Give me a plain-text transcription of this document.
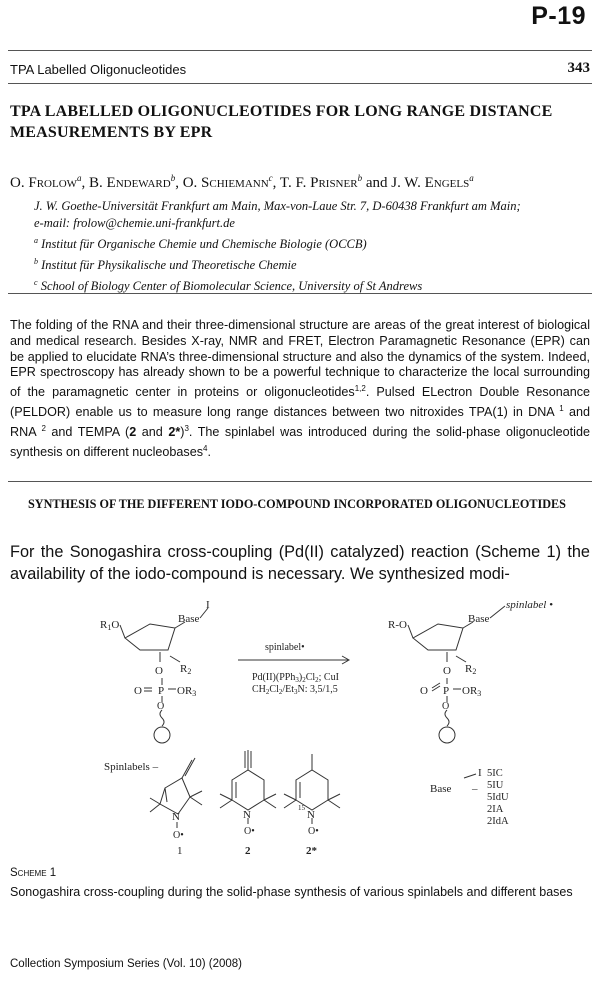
P-19
TPA Labelled Oligonucleotides	343
TPA LABELLED OLIGONUCLEOTIDES FOR LONG RANGE DISTANCE MEASUREMENTS BY EPR
O. Frolow$^a$, B. Endeward$^b$, O. Schiemann$^c$, T. F. Prisner$^b$ and J. W. Engels$^a$
J. W. Goethe-Universität Frankfurt am Main, Max-von-Laue Str. 7, D-60438 Frankfurt am Main;
e-mail: frolow@chemie.uni-frankfurt.de
$^a$ Institut für Organische Chemie und Chemische Biologie (OCCB)
$^b$ Institut für Physikalische und Theoretische Chemie
$^c$ School of Biology Center of Biomolecular Science, University of St Andrews
The folding of the RNA and their three-dimensional structure are areas of the great interest of biological and medical research. Besides X-ray, NMR and FRET, Electron Paramagnetic Resonance (EPR) can be applied to elucidate RNA’s three-dimensional structure and also the dynamics of the system. Indeed, EPR spectroscopy has already shown to be a powerful technique to characterize the local surrounding of the paramagnetic center in proteins or oligonucleotides$^{1,2}$. Pulsed ELectron Double Resonance (PELDOR) enable us to measure long range distances between two nitroxides TPA(1) in DNA $^1$ and RNA $^2$ and TEMPA (2 and 2*)$^3$. The spinlabel was introduced during the solid-phase oligonucleotide synthesis on different nucleobases$^4$.
SYNTHESIS OF THE DIFFERENT IODO-COMPOUND INCORPORATED OLIGONUCLEOTIDES
For the Sonogashira cross-coupling (Pd(II) catalyzed) reaction (Scheme 1) the availability of the iodo-compound is necessary. We synthesized modi-
R1O	Base
I
O R2
O P OR3
O
spinlabel•
$Pd(II)(PPh_3)_2Cl_2$; CuI
$CH_2Cl_2/Et_3N$: 3,5/1,5
R-O	Base
spinlabel •
O R2
O P OR3
O
Spinlabels –
N
O•
1
N
O•
2
15
N
O•
2*
Base
I
–
5IC
5IU
5IdU
2IA
2IdA
Scheme 1
Sonogashira cross-coupling during the solid-phase synthesis of various spinlabels and different bases
Collection Symposium Series (Vol. 10) (2008)
